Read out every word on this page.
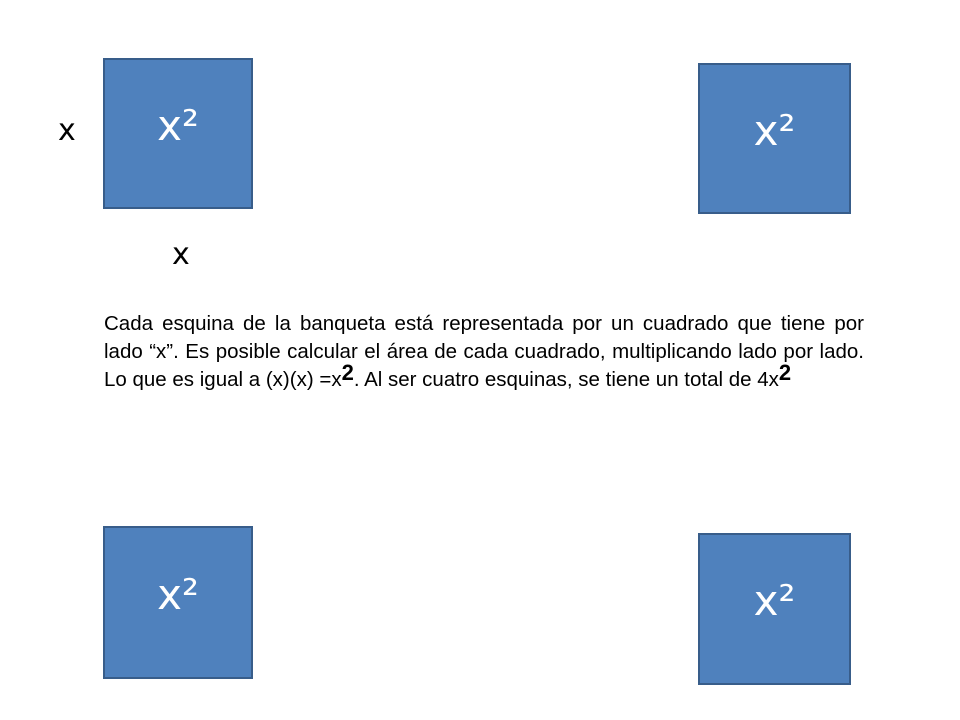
x²	x²
x²	x²
x
x

Cada esquina de la banqueta está representada por un cuadrado que tiene por lado “x”. Es posible calcular el área de cada cuadrado, multiplicando lado por lado. Lo que es igual a (x)(x) =x2. Al ser cuatro esquinas, se tiene un total de 4x2
